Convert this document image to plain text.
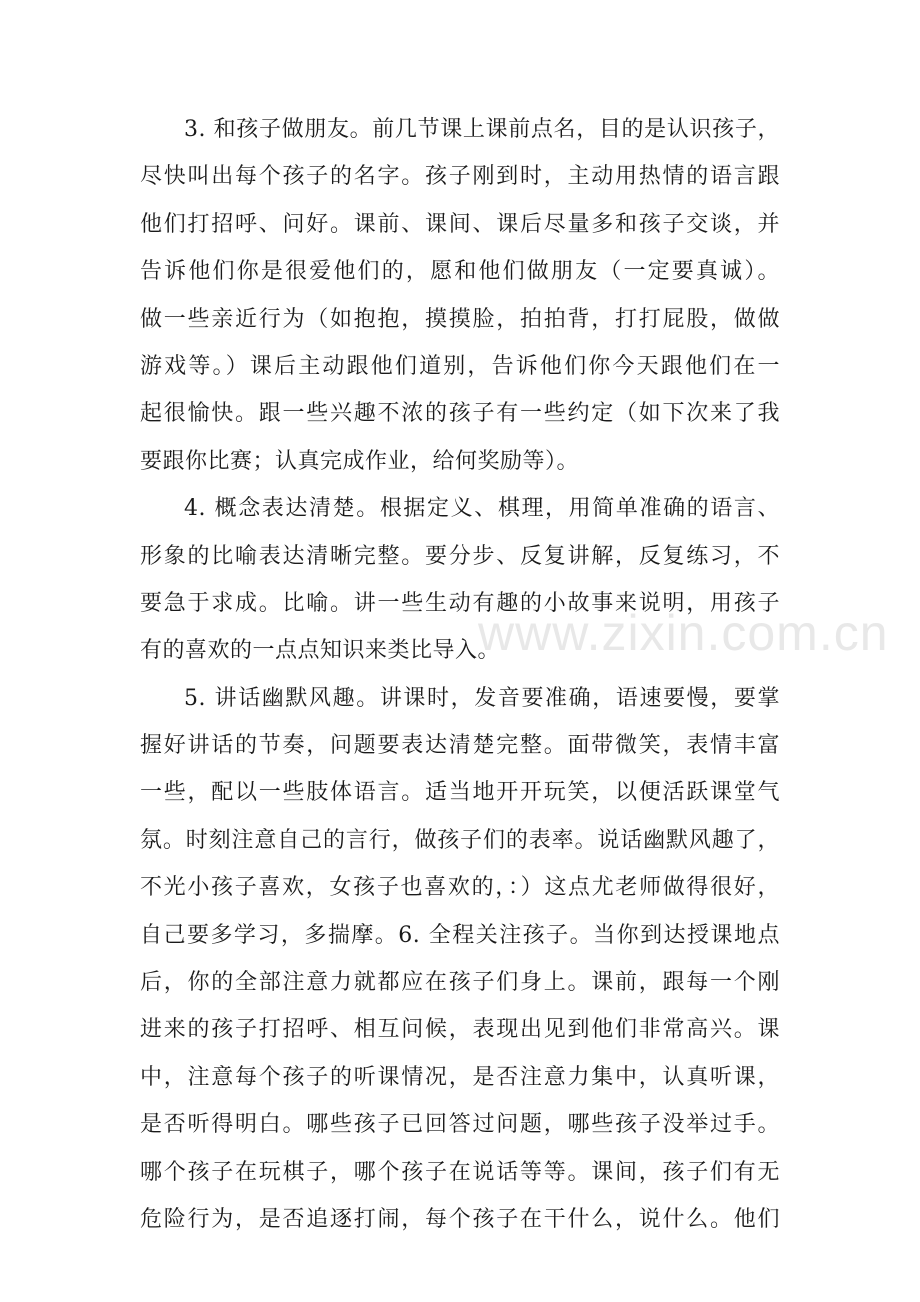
3. 和孩子做朋友。前几节课上课前点名，目的是认识孩子，
尽快叫出每个孩子的名字。孩子刚到时，主动用热情的语言跟
他们打招呼、问好。课前、课间、课后尽量多和孩子交谈，并
告诉他们你是很爱他们的，愿和他们做朋友（一定要真诚）。
做一些亲近行为（如抱抱，摸摸脸，拍拍背，打打屁股，做做
游戏等。）课后主动跟他们道别，告诉他们你今天跟他们在一
起很愉快。跟一些兴趣不浓的孩子有一些约定（如下次来了我
要跟你比赛；认真完成作业，给何奖励等）。
4. 概念表达清楚。根据定义、棋理，用简单准确的语言、
形象的比喻表达清晰完整。要分步、反复讲解，反复练习，不
要急于求成。比喻。讲一些生动有趣的小故事来说明，用孩子
有的喜欢的一点点知识来类比导入。
5. 讲话幽默风趣。讲课时，发音要准确，语速要慢，要掌
握好讲话的节奏，问题要表达清楚完整。面带微笑，表情丰富
一些，配以一些肢体语言。适当地开开玩笑，以便活跃课堂气
氛。时刻注意自己的言行，做孩子们的表率。说话幽默风趣了，
不光小孩子喜欢，女孩子也喜欢的，：）这点尤老师做得很好，
自己要多学习，多揣摩。6. 全程关注孩子。当你到达授课地点
后，你的全部注意力就都应在孩子们身上。课前，跟每一个刚
进来的孩子打招呼、相互问候，表现出见到他们非常高兴。课
中，注意每个孩子的听课情况，是否注意力集中，认真听课，
是否听得明白。哪些孩子已回答过问题，哪些孩子没举过手。
哪个孩子在玩棋子，哪个孩子在说话等等。课间，孩子们有无
危险行为，是否追逐打闹，每个孩子在干什么，说什么。他们
www.zixin.com.cn
